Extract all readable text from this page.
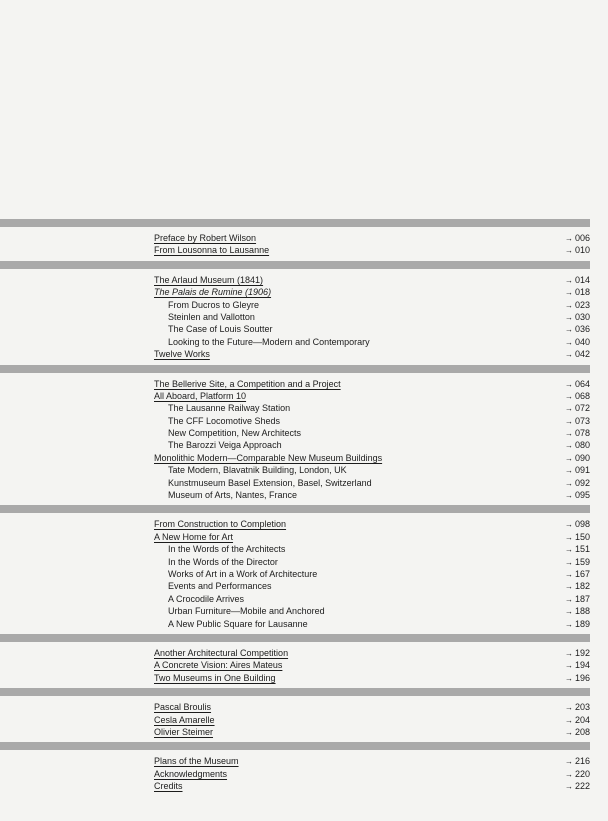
Preface by Robert Wilson	→ 006
From Lousonna to Lausanne	→ 010
The Arlaud Museum (1841)	→ 014
The Palais de Rumine (1906)	→ 018
From Ducros to Gleyre	→ 023
Steinlen and Vallotton	→ 030
The Case of Louis Soutter	→ 036
Looking to the Future—Modern and Contemporary	→ 040
Twelve Works	→ 042
The Bellerive Site, a Competition and a Project	→ 064
All Aboard, Platform 10	→ 068
The Lausanne Railway Station	→ 072
The CFF Locomotive Sheds	→ 073
New Competition, New Architects	→ 078
The Barozzi Veiga Approach	→ 080
Monolithic Modern—Comparable New Museum Buildings	→ 090
Tate Modern, Blavatnik Building, London, UK	→ 091
Kunstmuseum Basel Extension, Basel, Switzerland	→ 092
Museum of Arts, Nantes, France	→ 095
From Construction to Completion	→ 098
A New Home for Art	→ 150
In the Words of the Architects	→ 151
In the Words of the Director	→ 159
Works of Art in a Work of Architecture	→ 167
Events and Performances	→ 182
A Crocodile Arrives	→ 187
Urban Furniture—Mobile and Anchored	→ 188
A New Public Square for Lausanne	→ 189
Another Architectural Competition	→ 192
A Concrete Vision: Aires Mateus	→ 194
Two Museums in One Building	→ 196
Pascal Broulis	→ 203
Cesla Amarelle	→ 204
Olivier Steimer	→ 208
Plans of the Museum	→ 216
Acknowledgments	→ 220
Credits	→ 222
